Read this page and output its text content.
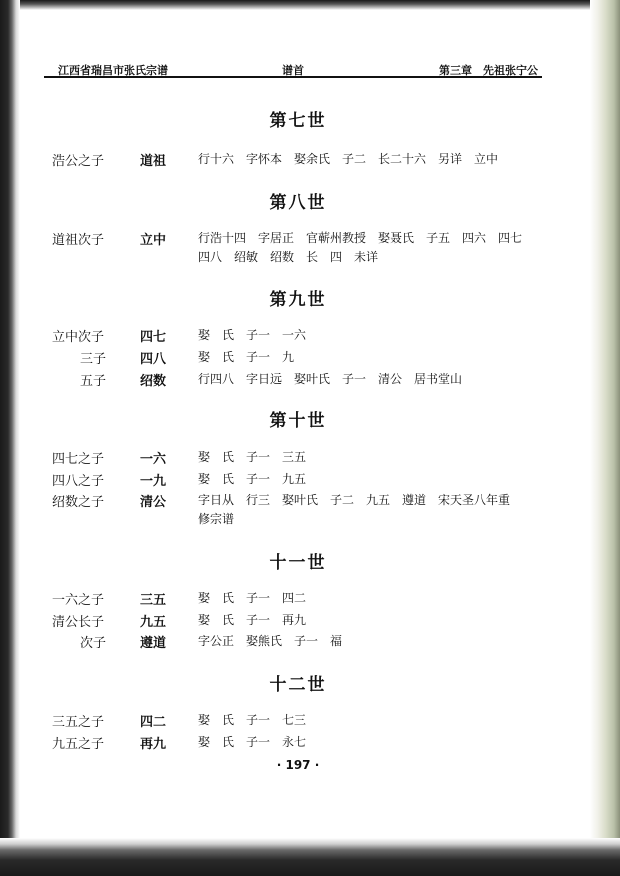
江西省瑞昌市张氏宗谱	谱首	第三章　先祖张宁公
第七世
浩公之子	道祖	行十六　字怀本　娶余氏　子二　长二十六　另详　立中
第八世
道祖次子	立中	行浩十四　字居正　官蕲州教授　娶聂氏　子五　四六　四七
四八　绍敏　绍数　长　四　未详
第九世
立中次子	四七	娶　氏　子一　一六
三子	四八	娶　氏　子一　九
五子	绍数	行四八　字日远　娶叶氏　子一　清公　居书堂山
第十世
四七之子	一六	娶　氏　子一　三五
四八之子	一九	娶　氏　子一　九五
绍数之子	清公	字日从　行三　娶叶氏　子二　九五　遵道　宋天圣八年重
修宗谱
十一世
一六之子	三五	娶　氏　子一　四二
清公长子	九五	娶　氏　子一　再九
次子	遵道	字公正　娶熊氏　子一　福
十二世
三五之子	四二	娶　氏　子一　七三
九五之子	再九	娶　氏　子一　永七
· 197 ·
